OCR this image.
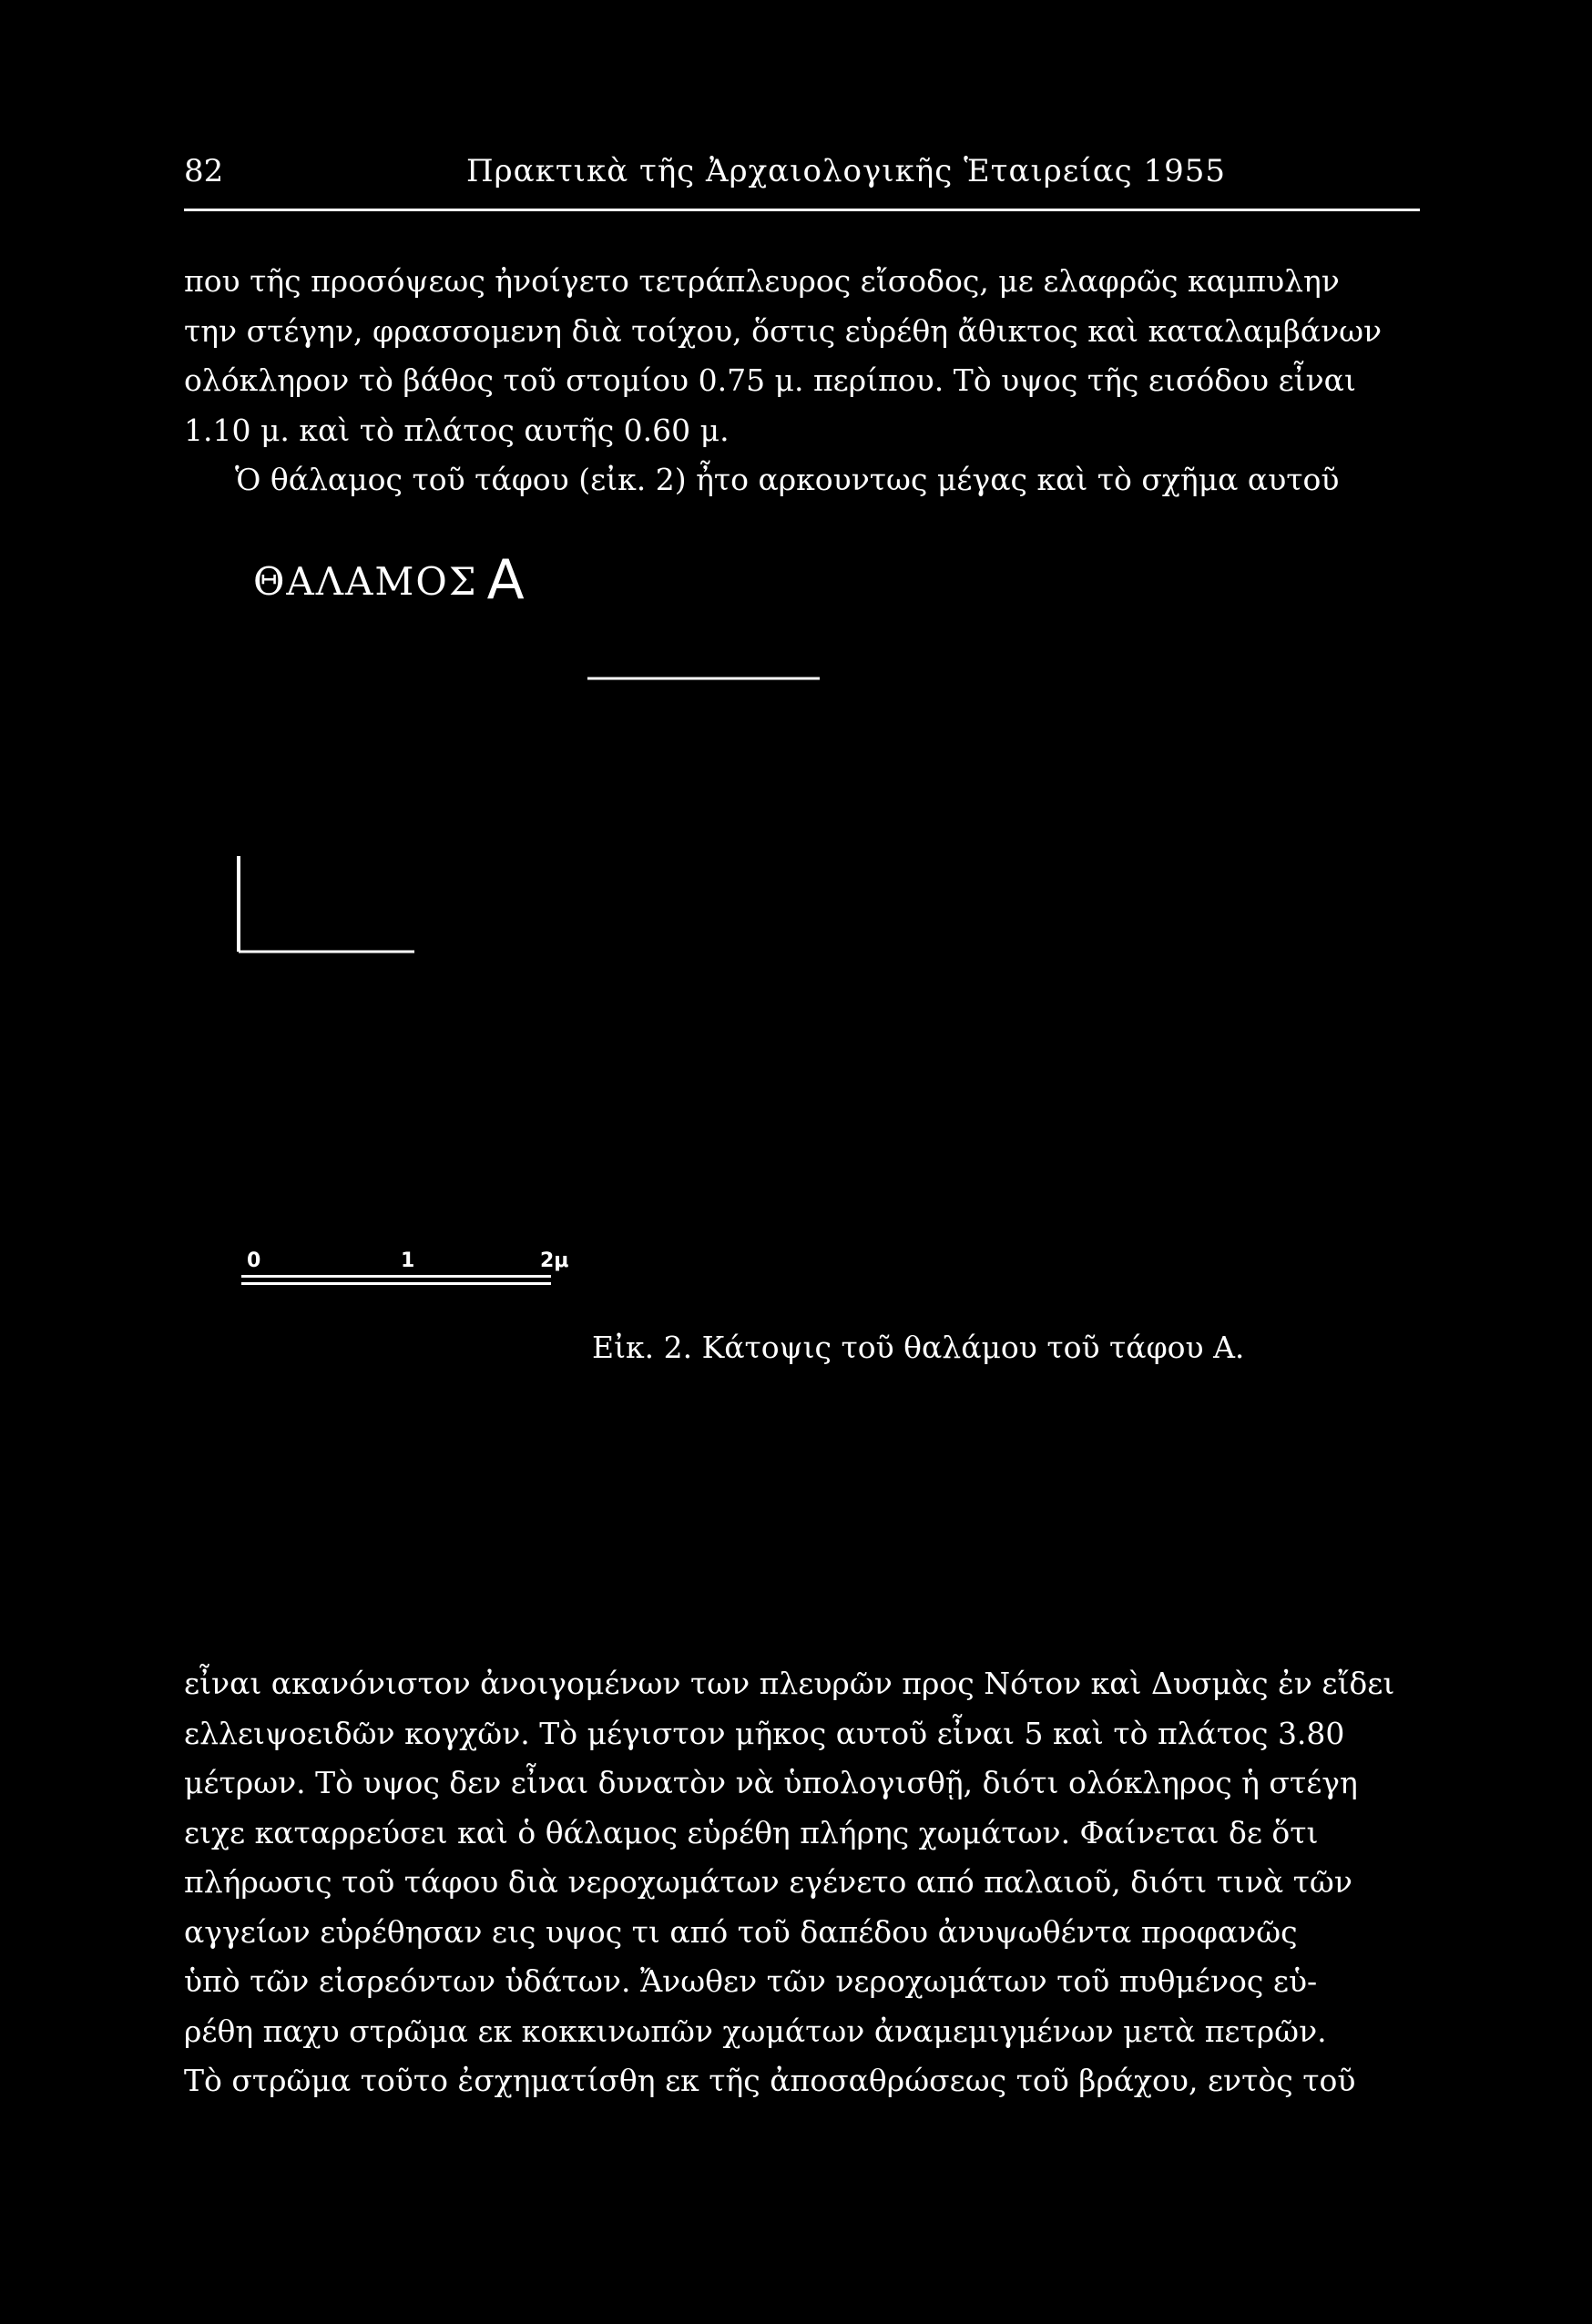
82	Πρακτικὰ τῆς Ἀρχαιολογικῆς Ἑταιρείας 1955
που τῆς προσόψεως ἠνοίγετο τετράπλευρος εἴσοδος, με ελαφρῶς καμπυλην
την στέγην, φρασσομενη διὰ τοίχου, ὅστις εὑρέθη ἄθικτος καὶ καταλαμβάνων
ολόκληρον τὸ βάθος τοῦ στομίου 0.75 μ. περίπου. Τὸ υψος τῆς εισόδου εἶναι
1.10 μ. καὶ τὸ πλάτος αυτῆς 0.60 μ.
Ὁ θάλαμος τοῦ τάφου (εἰκ. 2) ἦτο αρκουντως μέγας καὶ τὸ σχῆμα αυτοῦ
ΘΑΛΑΜΟΣ Α
0	1	2μ
Εἰκ. 2. Κάτοψις τοῦ θαλάμου τοῦ τάφου Α.
εἶναι ακανόνιστον ἀνοιγομένων των πλευρῶν προς Νότον καὶ Δυσμὰς ἐν εἴδει
ελλειψοειδῶν κογχῶν. Τὸ μέγιστον μῆκος αυτοῦ εἶναι 5 καὶ τὸ πλάτος 3.80
μέτρων. Τὸ υψος δεν εἶναι δυνατὸν νὰ ὑπολογισθῇ, διότι ολόκληρος ἡ στέγη
ειχε καταρρεύσει καὶ ὁ θάλαμος εὑρέθη πλήρης χωμάτων. Φαίνεται δε ὅτι
πλήρωσις τοῦ τάφου διὰ νεροχωμάτων εγένετο από παλαιοῦ, διότι τινὰ τῶν
αγγείων εὑρέθησαν εις υψος τι από τοῦ δαπέδου ἀνυψωθέντα προφανῶς
ὑπὸ τῶν εἰσρεόντων ὑδάτων. Ἄνωθεν τῶν νεροχωμάτων τοῦ πυθμένος εὑ-
ρέθη παχυ στρῶμα εκ κοκκινωπῶν χωμάτων ἀναμεμιγμένων μετὰ πετρῶν.
Τὸ στρῶμα τοῦτο ἐσχηματίσθη εκ τῆς ἀποσαθρώσεως τοῦ βράχου, εντὸς τοῦ
